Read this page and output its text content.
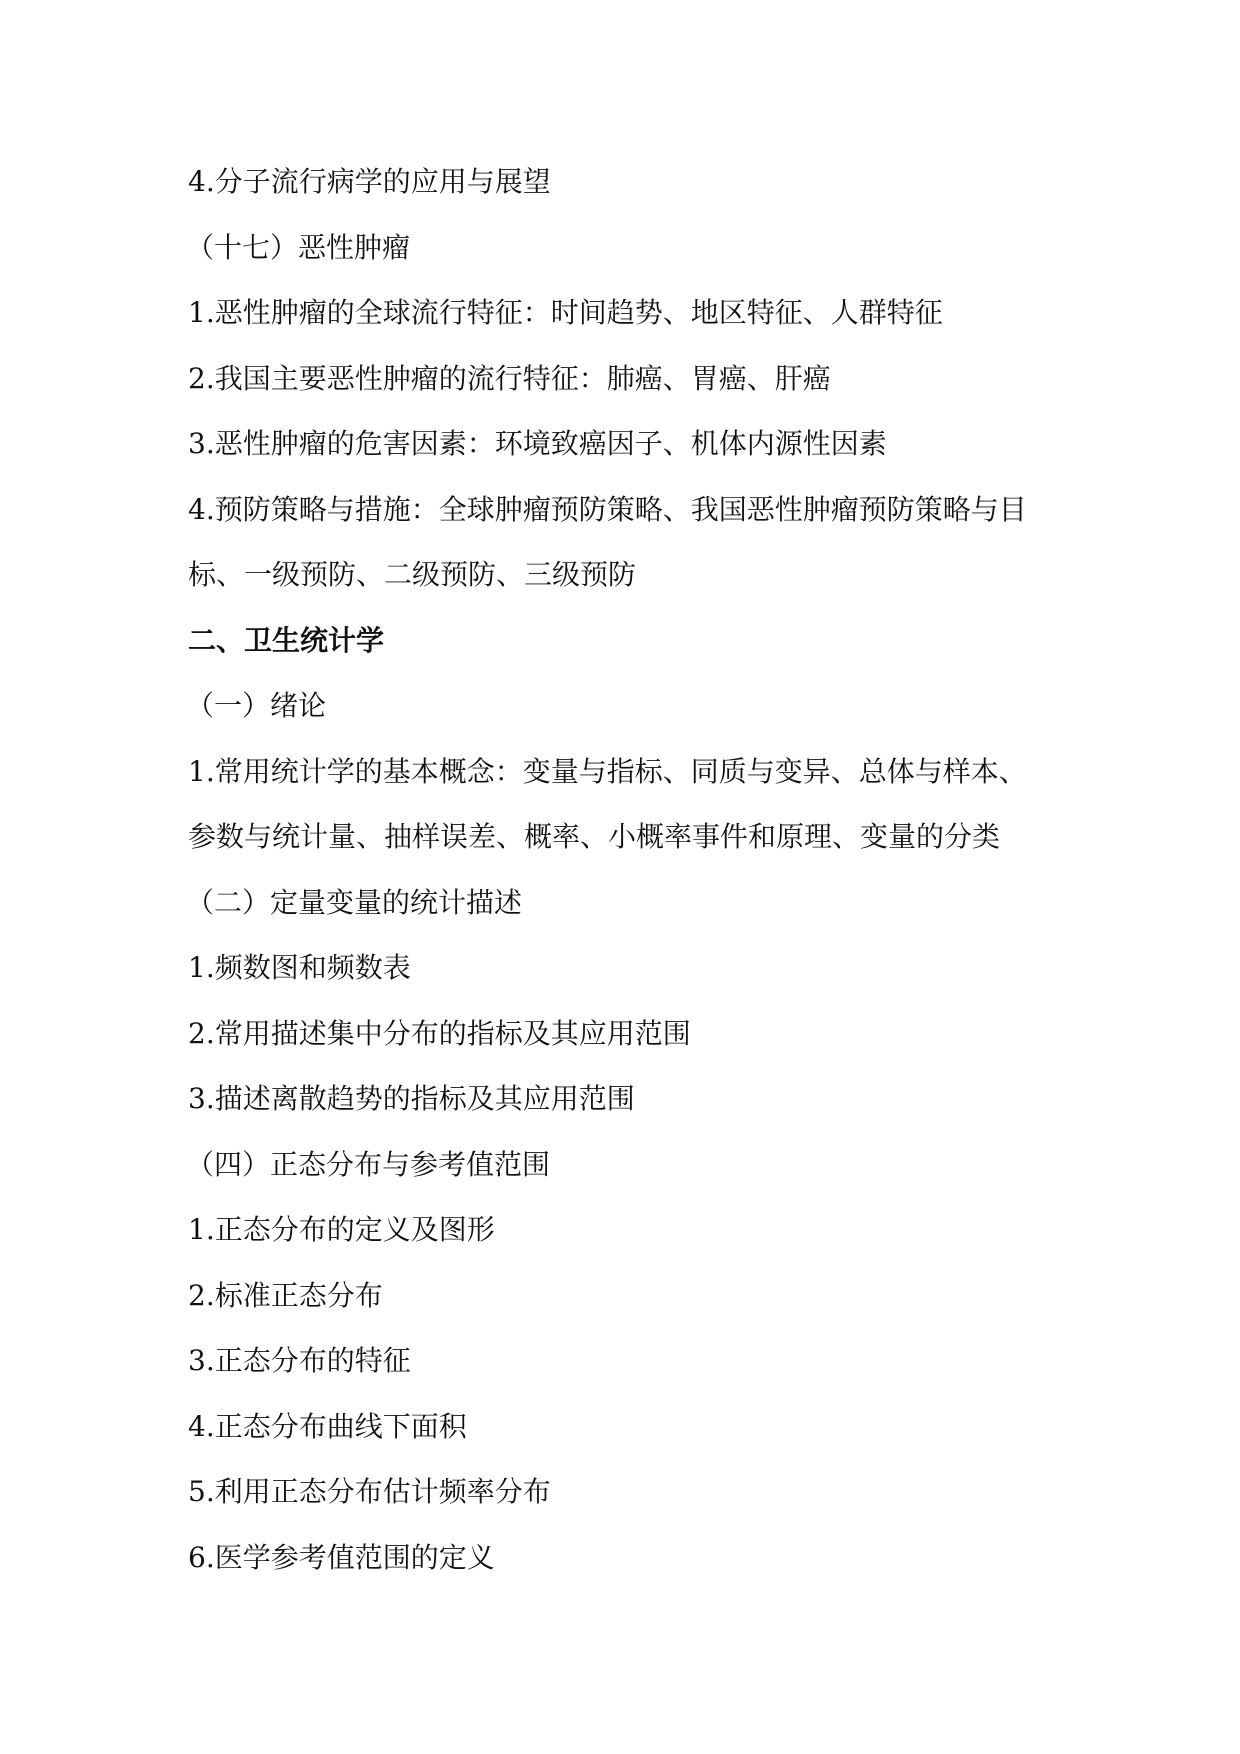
4.分子流行病学的应用与展望
（十七）恶性肿瘤
1.恶性肿瘤的全球流行特征：时间趋势、地区特征、人群特征
2.我国主要恶性肿瘤的流行特征：肺癌、胃癌、肝癌
3.恶性肿瘤的危害因素：环境致癌因子、机体内源性因素
4.预防策略与措施：全球肿瘤预防策略、我国恶性肿瘤预防策略与目
标、一级预防、二级预防、三级预防
二、卫生统计学
（一）绪论
1.常用统计学的基本概念：变量与指标、同质与变异、总体与样本、
参数与统计量、抽样误差、概率、小概率事件和原理、变量的分类
（二）定量变量的统计描述
1.频数图和频数表
2.常用描述集中分布的指标及其应用范围
3.描述离散趋势的指标及其应用范围
（四）正态分布与参考值范围
1.正态分布的定义及图形
2.标准正态分布
3.正态分布的特征
4.正态分布曲线下面积
5.利用正态分布估计频率分布
6.医学参考值范围的定义
